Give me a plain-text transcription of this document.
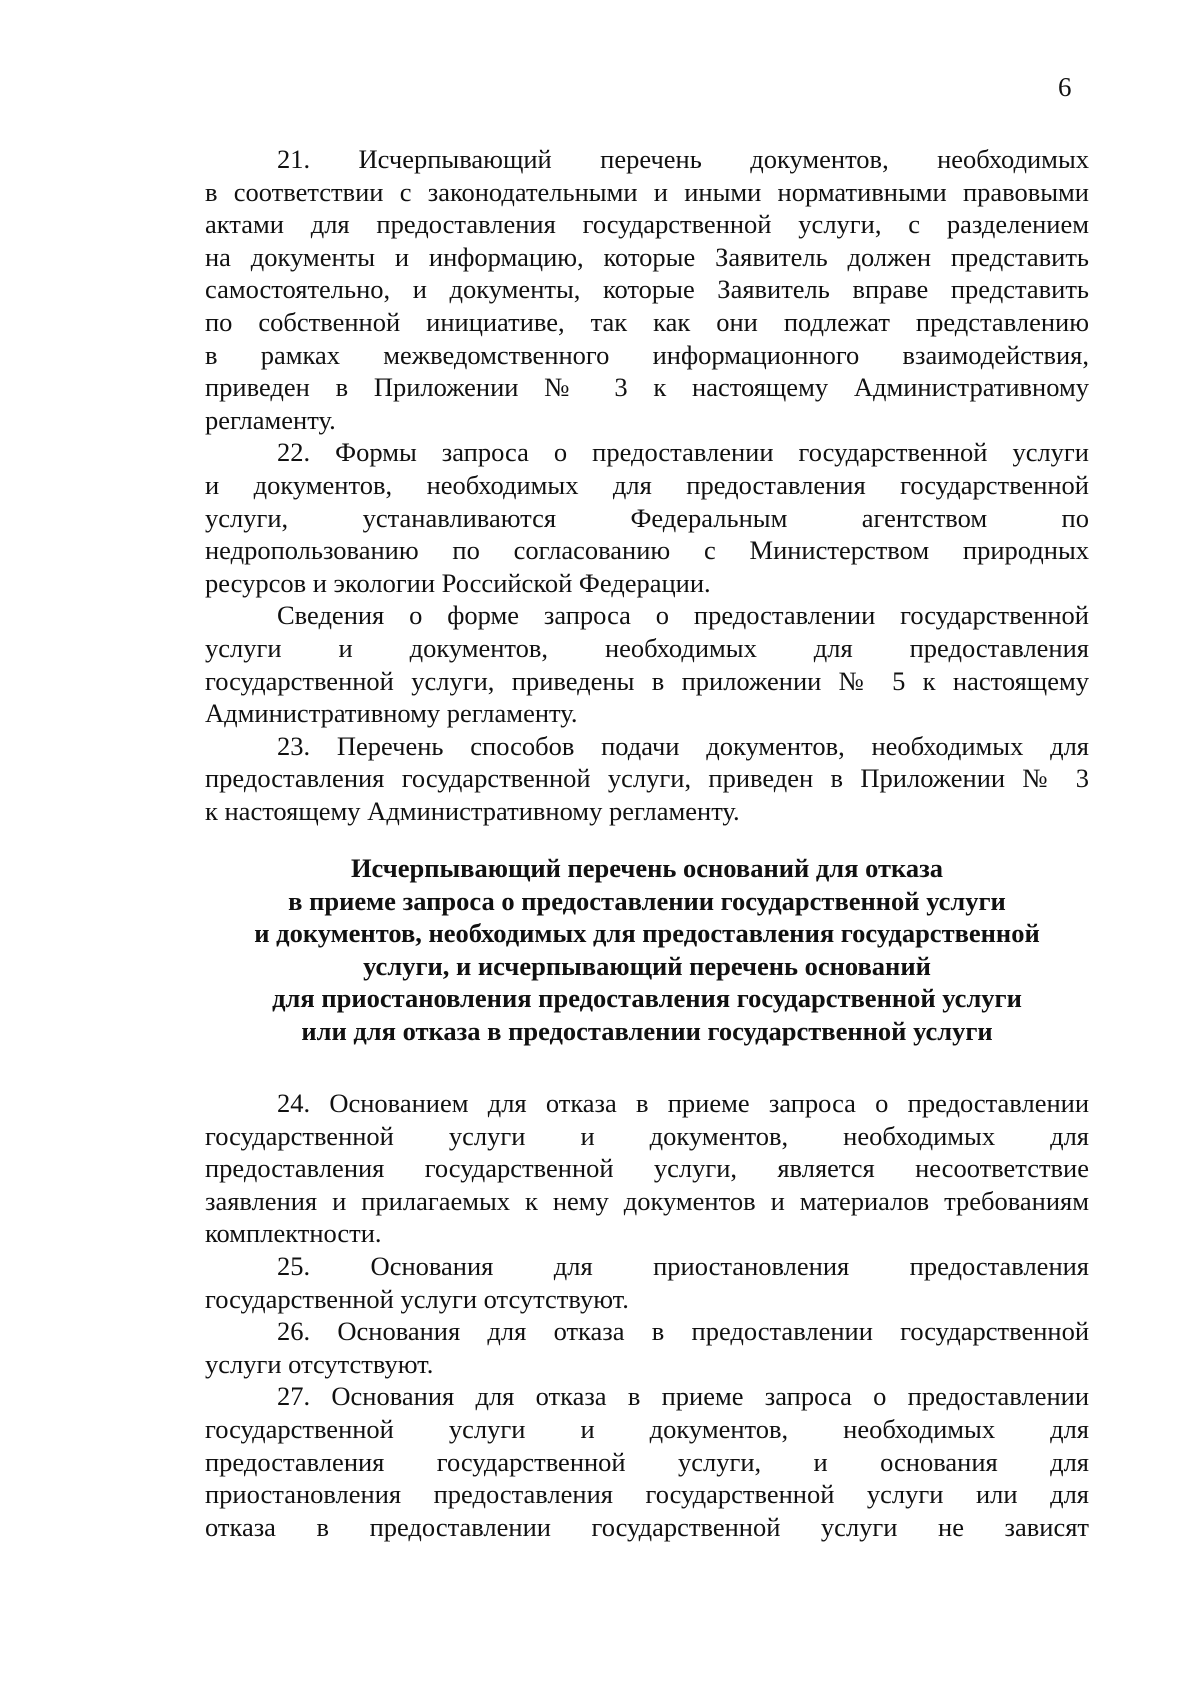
6
21. Исчерпывающий перечень документов, необходимых
в соответствии с законодательными и иными нормативными правовыми
актами для предоставления государственной услуги, с разделением
на документы и информацию, которые Заявитель должен представить
самостоятельно, и документы, которые Заявитель вправе представить
по собственной инициативе, так как они подлежат представлению
в рамках межведомственного информационного взаимодействия,
приведен в Приложении № 3 к настоящему Административному
регламенту.
22. Формы запроса о предоставлении государственной услуги
и документов, необходимых для предоставления государственной
услуги, устанавливаются Федеральным агентством по
недропользованию по согласованию с Министерством природных
ресурсов и экологии Российской Федерации.
Сведения о форме запроса о предоставлении государственной
услуги и документов, необходимых для предоставления
государственной услуги, приведены в приложении № 5 к настоящему
Административному регламенту.
23. Перечень способов подачи документов, необходимых для
предоставления государственной услуги, приведен в Приложении № 3
к настоящему Административному регламенту.
Исчерпывающий перечень оснований для отказа
в приеме запроса о предоставлении государственной услуги
и документов, необходимых для предоставления государственной
услуги, и исчерпывающий перечень оснований
для приостановления предоставления государственной услуги
или для отказа в предоставлении государственной услуги
24. Основанием для отказа в приеме запроса о предоставлении
государственной услуги и документов, необходимых для
предоставления государственной услуги, является несоответствие
заявления и прилагаемых к нему документов и материалов требованиям
комплектности.
25. Основания для приостановления предоставления
государственной услуги отсутствуют.
26. Основания для отказа в предоставлении государственной
услуги отсутствуют.
27. Основания для отказа в приеме запроса о предоставлении
государственной услуги и документов, необходимых для
предоставления государственной услуги, и основания для
приостановления предоставления государственной услуги или для
отказа в предоставлении государственной услуги не зависят
